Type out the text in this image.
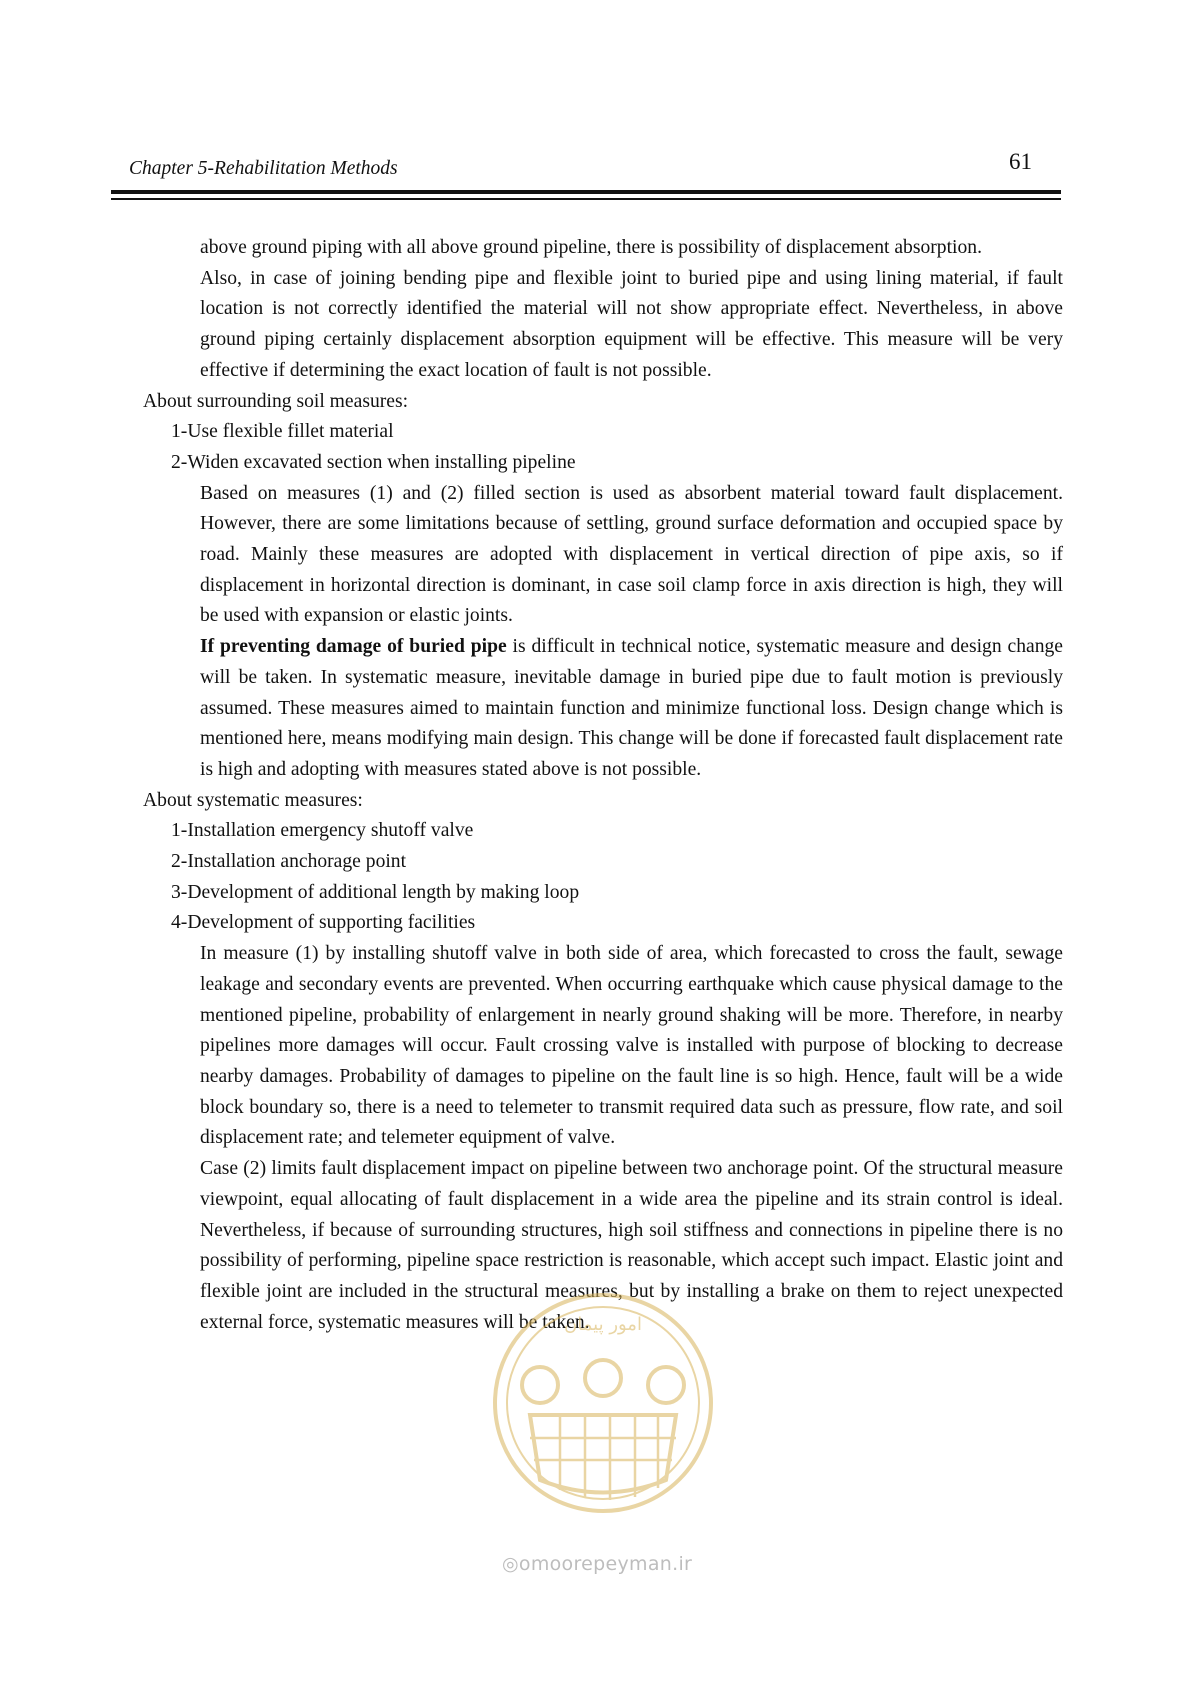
Chapter 5-Rehabilitation Methods	61

above ground piping with all above ground pipeline, there is possibility of displacement absorption.

Also, in case of joining bending pipe and flexible joint to buried pipe and using lining material, if fault location is not correctly identified the material will not show appropriate effect. Nevertheless, in above ground piping certainly displacement absorption equipment will be effective. This measure will be very effective if determining the exact location of fault is not possible.

About surrounding soil measures:

1-Use flexible fillet material

2-Widen excavated section when installing pipeline

Based on measures (1) and (2) filled section is used as absorbent material toward fault displacement. However, there are some limitations because of settling, ground surface deformation and occupied space by road. Mainly these measures are adopted with displacement in vertical direction of pipe axis, so if displacement in horizontal direction is dominant, in case soil clamp force in axis direction is high, they will be used with expansion or elastic joints.

If preventing damage of buried pipe is difficult in technical notice, systematic measure and design change will be taken. In systematic measure, inevitable damage in buried pipe due to fault motion is previously assumed. These measures aimed to maintain function and minimize functional loss. Design change which is mentioned here, means modifying main design. This change will be done if forecasted fault displacement rate is high and adopting with measures stated above is not possible.

About systematic measures:

1-Installation emergency shutoff valve

2-Installation anchorage point

3-Development of additional length by making loop

4-Development of supporting facilities

In measure (1) by installing shutoff valve in both side of area, which forecasted to cross the fault, sewage leakage and secondary events are prevented. When occurring earthquake which cause physical damage to the mentioned pipeline, probability of enlargement in nearly ground shaking will be more. Therefore, in nearby pipelines more damages will occur. Fault crossing valve is installed with purpose of blocking to decrease nearby damages. Probability of damages to pipeline on the fault line is so high. Hence, fault will be a wide block boundary so, there is a need to telemeter to transmit required data such as pressure, flow rate, and soil displacement rate; and telemeter equipment of valve.

Case (2) limits fault displacement impact on pipeline between two anchorage point. Of the structural measure viewpoint, equal allocating of fault displacement in a wide area the pipeline and its strain control is ideal. Nevertheless, if because of surrounding structures, high soil stiffness and connections in pipeline there is no possibility of performing, pipeline space restriction is reasonable, which accept such impact. Elastic joint and flexible joint are included in the structural measures, but by installing a brake on them to reject unexpected external force, systematic measures will be taken.

امور پیمان
◎omoorepeyman.ir
